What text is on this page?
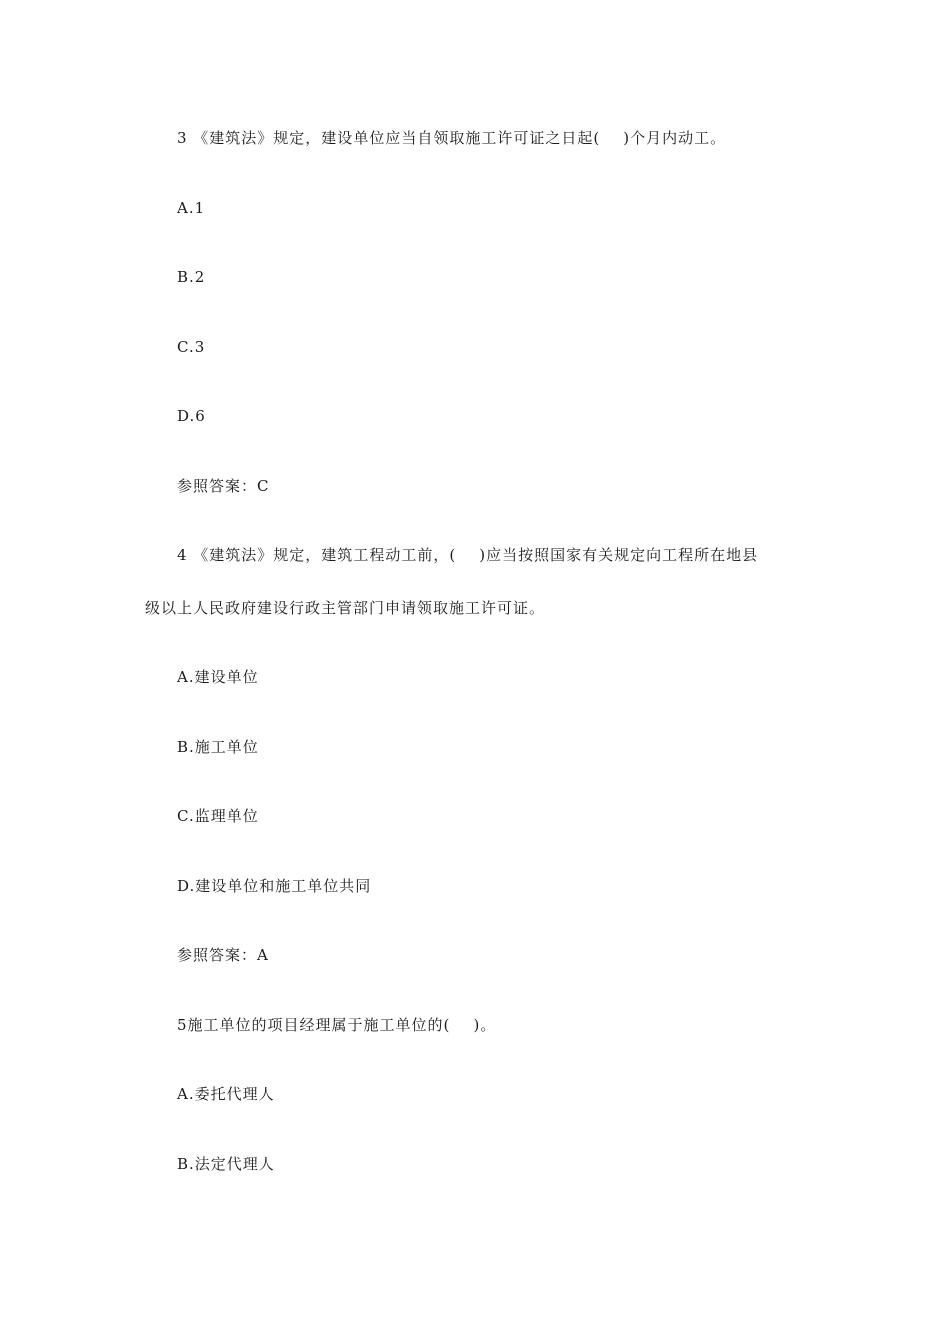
3 《建筑法》规定，建设单位应当自领取施工许可证之日起(    )个月内动工。
A.1
B.2
C.3
D.6
参照答案：C
4 《建筑法》规定，建筑工程动工前，(    )应当按照国家有关规定向工程所在地县
级以上人民政府建设行政主管部门申请领取施工许可证。
A.建设单位
B.施工单位
C.监理单位
D.建设单位和施工单位共同
参照答案：A
5施工单位的项目经理属于施工单位的(    )。
A.委托代理人
B.法定代理人
